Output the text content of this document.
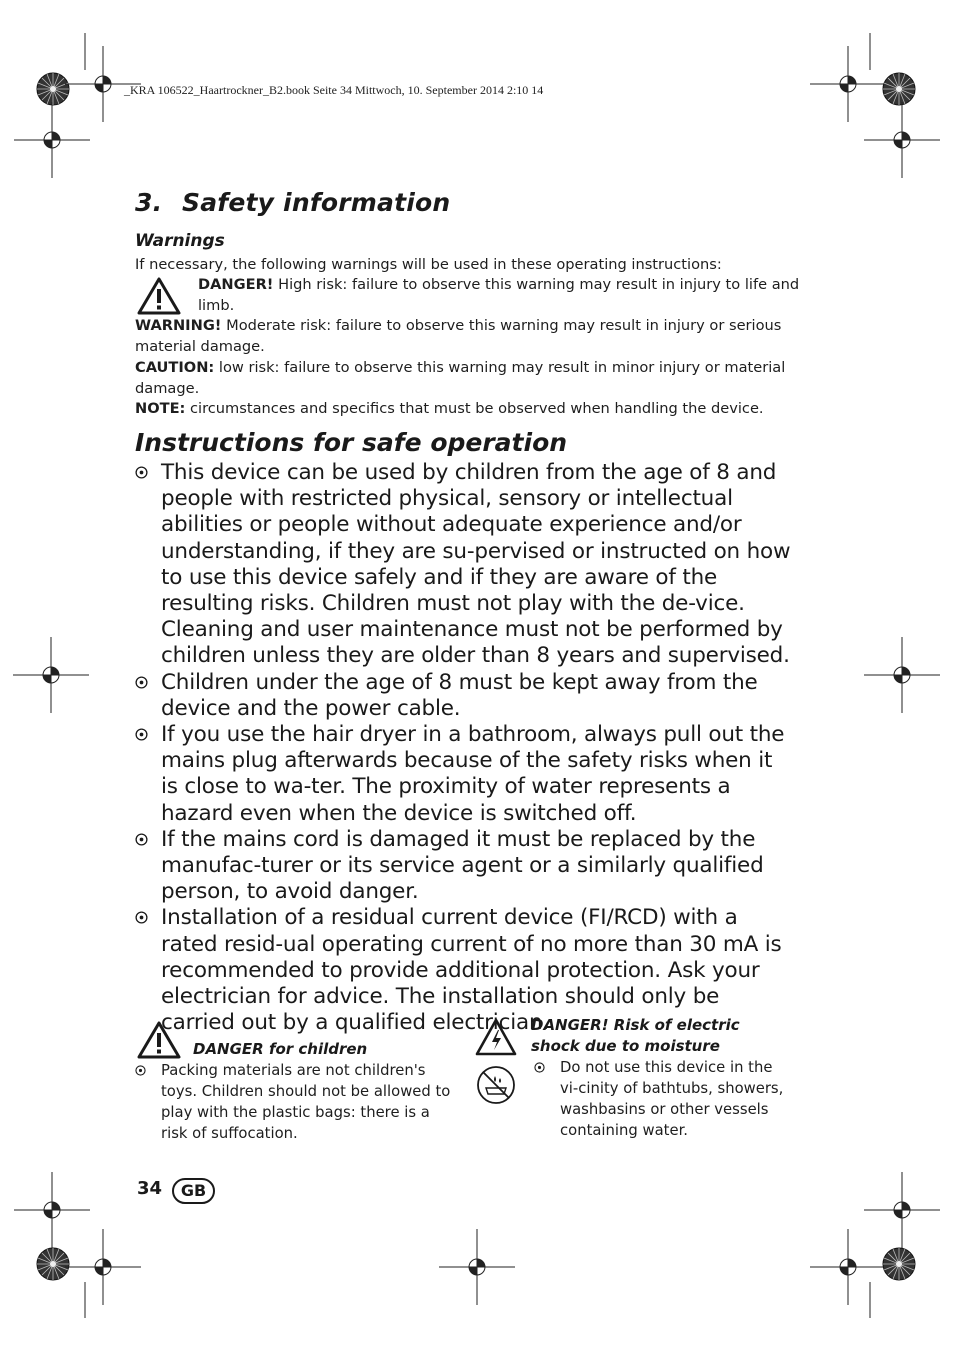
_KRA 106522_Haartrockner_B2.book Seite 34 Mittwoch, 10. September 2014 2:10 14
3. Safety information
Warnings
If necessary, the following warnings will be used in these operating instructions:
DANGER! High risk: failure to observe this warning may result in injury to life and
limb.
WARNING! Moderate risk: failure to observe this warning may result in injury or serious material damage.
CAUTION: low risk: failure to observe this warning may result in minor injury or material damage.
NOTE: circumstances and specifics that must be observed when handling the device.
Instructions for safe operation
This device can be used by children from the age of 8 and people with restricted physical, sensory or intellectual abilities or people without adequate experience and/or understanding, if they are su-pervised or instructed on how to use this device safely and if they are aware of the resulting risks. Children must not play with the de-vice. Cleaning and user maintenance must not be performed by children unless they are older than 8 years and supervised.
Children under the age of 8 must be kept away from the device and the power cable.
If you use the hair dryer in a bathroom, always pull out the mains plug afterwards because of the safety risks when it is close to wa-ter. The proximity of water represents a hazard even when the device is switched off.
If the mains cord is damaged it must be replaced by the manufac-turer or its service agent or a similarly qualified person, to avoid danger.
Installation of a residual current device (FI/RCD) with a rated resid-ual operating current of no more than 30 mA is recommended to provide additional protection. Ask your electrician for advice. The installation should only be carried out by a qualified electrician.
DANGER for children
Packing materials are not children's toys. Children should not be allowed to play with the plastic bags: there is a risk of suffocation.
DANGER! Risk of electric
shock due to moisture
Do not use this device in the vi-cinity of bathtubs, showers, washbasins or other vessels containing water.
34	GB
